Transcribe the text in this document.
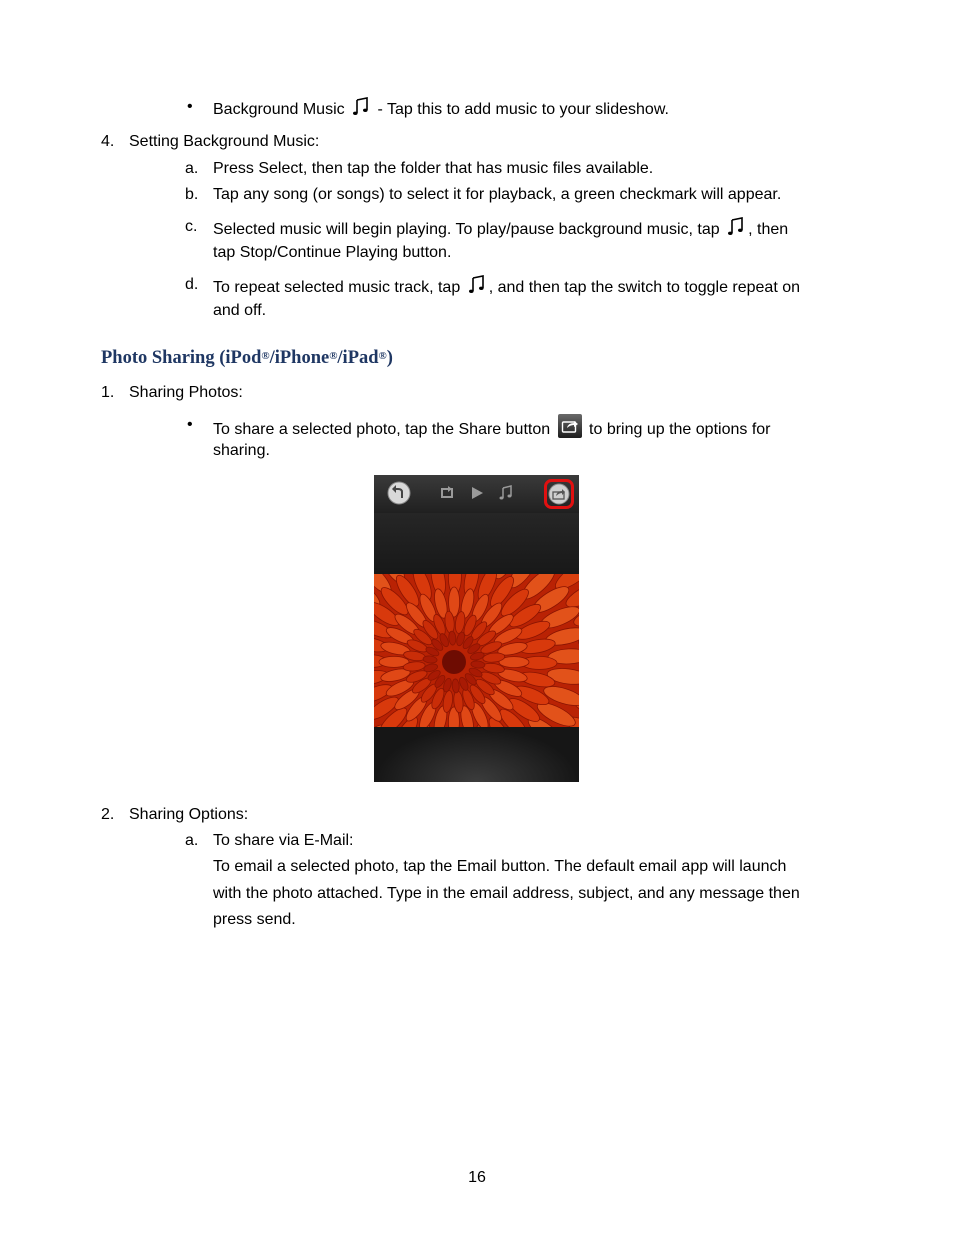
• Background Music  - Tap this to add music to your slideshow.
4. Setting Background Music:
a. Press Select, then tap the folder that has music files available.
b. Tap any song (or songs) to select it for playback, a green checkmark will appear.
c. Selected music will begin playing. To play/pause background music, tap , then
tap Stop/Continue Playing button.
d. To repeat selected music track, tap , and then tap the switch to toggle repeat on
and off.
Photo Sharing (iPod®/iPhone®/iPad®)
1. Sharing Photos:
• To share a selected photo, tap the Share button to bring up the options for
sharing.
2. Sharing Options:
a. To share via E-Mail:
To email a selected photo, tap the Email button. The default email app will launch
with the photo attached. Type in the email address, subject, and any message then
press send.
16
